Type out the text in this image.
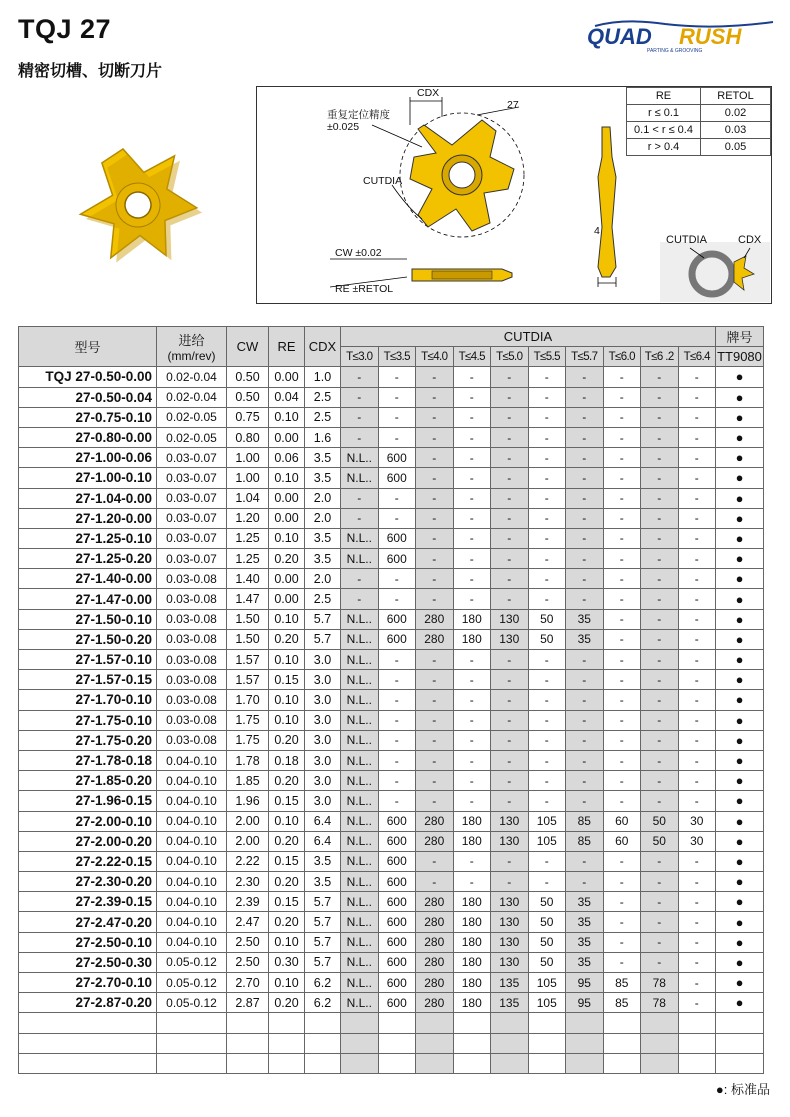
TQJ 27
精密切槽、切断刀片
QUAD RUSH
PARTING & GROOVING
CDX
27
重复定位精度
±0.025
CUTDIA
CW ±0.02
RE ±RETOL
4
RE	RETOL
r ≤ 0.1	0.02
0.1 < r ≤ 0.4	0.03
r > 0.4	0.05
CUTDIA	CDX
型号	进给
(mm/rev)	CW	RE	CDX	CUTDIA										牌号
					T≤3.0	T≤3.5	T≤4.0	T≤4.5	T≤5.0	T≤5.5	T≤5.7	T≤6.0	T≤6 .2	T≤6.4	TT9080
TQJ 27-0.50-0.00	0.02-0.04	0.50	0.00	1.0	-	-	-	-	-	-	-	-	-	-	●
27-0.50-0.04	0.02-0.04	0.50	0.04	2.5	-	-	-	-	-	-	-	-	-	-	●
27-0.75-0.10	0.02-0.05	0.75	0.10	2.5	-	-	-	-	-	-	-	-	-	-	●
27-0.80-0.00	0.02-0.05	0.80	0.00	1.6	-	-	-	-	-	-	-	-	-	-	●
27-1.00-0.06	0.03-0.07	1.00	0.06	3.5	N.L..	600	-	-	-	-	-	-	-	-	●
27-1.00-0.10	0.03-0.07	1.00	0.10	3.5	N.L..	600	-	-	-	-	-	-	-	-	●
27-1.04-0.00	0.03-0.07	1.04	0.00	2.0	-	-	-	-	-	-	-	-	-	-	●
27-1.20-0.00	0.03-0.07	1.20	0.00	2.0	-	-	-	-	-	-	-	-	-	-	●
27-1.25-0.10	0.03-0.07	1.25	0.10	3.5	N.L..	600	-	-	-	-	-	-	-	-	●
27-1.25-0.20	0.03-0.07	1.25	0.20	3.5	N.L..	600	-	-	-	-	-	-	-	-	●
27-1.40-0.00	0.03-0.08	1.40	0.00	2.0	-	-	-	-	-	-	-	-	-	-	●
27-1.47-0.00	0.03-0.08	1.47	0.00	2.5	-	-	-	-	-	-	-	-	-	-	●
27-1.50-0.10	0.03-0.08	1.50	0.10	5.7	N.L..	600	280	180	130	50	35	-	-	-	●
27-1.50-0.20	0.03-0.08	1.50	0.20	5.7	N.L..	600	280	180	130	50	35	-	-	-	●
27-1.57-0.10	0.03-0.08	1.57	0.10	3.0	N.L..	-	-	-	-	-	-	-	-	-	●
27-1.57-0.15	0.03-0.08	1.57	0.15	3.0	N.L..	-	-	-	-	-	-	-	-	-	●
27-1.70-0.10	0.03-0.08	1.70	0.10	3.0	N.L..	-	-	-	-	-	-	-	-	-	●
27-1.75-0.10	0.03-0.08	1.75	0.10	3.0	N.L..	-	-	-	-	-	-	-	-	-	●
27-1.75-0.20	0.03-0.08	1.75	0.20	3.0	N.L..	-	-	-	-	-	-	-	-	-	●
27-1.78-0.18	0.04-0.10	1.78	0.18	3.0	N.L..	-	-	-	-	-	-	-	-	-	●
27-1.85-0.20	0.04-0.10	1.85	0.20	3.0	N.L..	-	-	-	-	-	-	-	-	-	●
27-1.96-0.15	0.04-0.10	1.96	0.15	3.0	N.L..	-	-	-	-	-	-	-	-	-	●
27-2.00-0.10	0.04-0.10	2.00	0.10	6.4	N.L..	600	280	180	130	105	85	60	50	30	●
27-2.00-0.20	0.04-0.10	2.00	0.20	6.4	N.L..	600	280	180	130	105	85	60	50	30	●
27-2.22-0.15	0.04-0.10	2.22	0.15	3.5	N.L..	600	-	-	-	-	-	-	-	-	●
27-2.30-0.20	0.04-0.10	2.30	0.20	3.5	N.L..	600	-	-	-	-	-	-	-	-	●
27-2.39-0.15	0.04-0.10	2.39	0.15	5.7	N.L..	600	280	180	130	50	35	-	-	-	●
27-2.47-0.20	0.04-0.10	2.47	0.20	5.7	N.L..	600	280	180	130	50	35	-	-	-	●
27-2.50-0.10	0.04-0.10	2.50	0.10	5.7	N.L..	600	280	180	130	50	35	-	-	-	●
27-2.50-0.30	0.05-0.12	2.50	0.30	5.7	N.L..	600	280	180	130	50	35	-	-	-	●
27-2.70-0.10	0.05-0.12	2.70	0.10	6.2	N.L..	600	280	180	135	105	95	85	78	-	●
27-2.87-0.20	0.05-0.12	2.87	0.20	6.2	N.L..	600	280	180	135	105	95	85	78	-	●

●: 标准品
